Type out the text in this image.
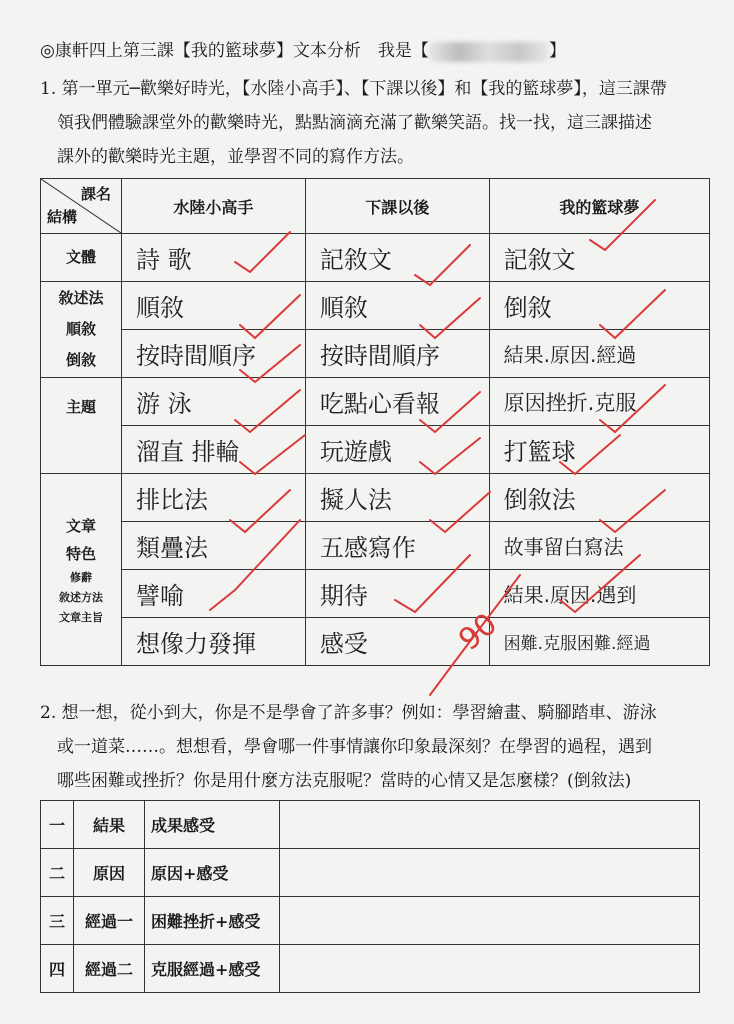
◎康軒四上第三課【我的籃球夢】文本分析　我是【	】
1. 第一單元─歡樂好時光，【水陸小高手】、【下課以後】和【我的籃球夢】，這三課帶
　領我們體驗課堂外的歡樂時光，點點滴滴充滿了歡樂笑語。找一找，這三課描述
　課外的歡樂時光主題，並學習不同的寫作方法。
課名
結構	水陸小高手	下課以後	我的籃球夢
文體	詩 歌	記敘文	記敘文

敘述法
順敘
倒敘	順敘	順敘	倒敘
	按時間順序	按時間順序	結果.原因.經過
主題	游 泳	吃點心看報	原因挫折.克服
	溜直 排輪	玩遊戲	打籃球

文章
特色
修辭
敘述方法
文章主旨	排比法	擬人法	倒敘法
	類疊法	五感寫作	故事留白寫法
	譬喻	期待	結果.原因.遇到
	想像力發揮	感受	困難.克服困難.經過
2. 想一想，從小到大，你是不是學會了許多事？例如：學習繪畫、騎腳踏車、游泳
　或一道菜……。想想看，學會哪一件事情讓你印象最深刻？在學習的過程，遇到
　哪些困難或挫折？你是用什麼方法克服呢？當時的心情又是怎麼樣？(倒敘法)
一	結果	成果感受	
二	原因	原因+感受	
三	經過一	困難挫折+感受	
四	經過二	克服經過+感受	
90
